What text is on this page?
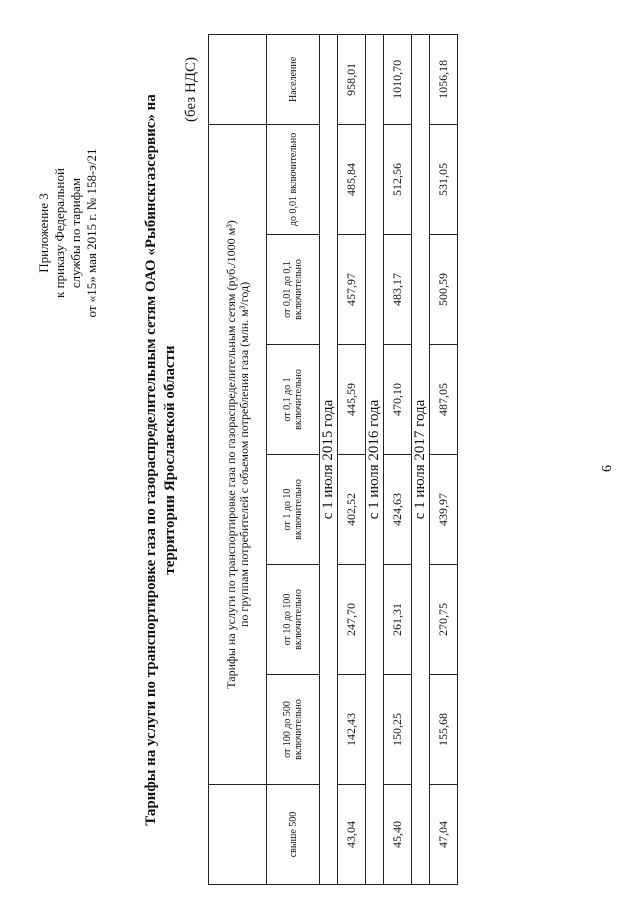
Приложение 3 к приказу Федеральной службы по тарифам от «15» мая 2015 г. № 158-э/21	Тарифы на услуги по транспортировке газа по газораспределительным сетям ОАО «Рыбинскгазсервис» на территории Ярославской области
(без НДС)

	Тарифы на услуги по транспортировке газа по газораспределительным сетям (руб./1000 м³) по группам потребителей с объемом потребления газа (млн. м³/год)						

свыше 500	от 100 до 500 включительно	от 10 до 100 включительно	от 1 до 10 включительно	от 0,1 до 1 включительно	от 0,01 до 0,1 включительно	до 0,01 включительно	Население
с 1 июля 2015 года							
43,04	142,43	247,70	402,52	445,59	457,97	485,84	958,01
с 1 июля 2016 года							
45,40	150,25	261,31	424,63	470,10	483,17	512,56	1010,70
с 1 июля 2017 года							
47,04	155,68	270,75	439,97	487,05	500,59	531,05	1056,18
6
